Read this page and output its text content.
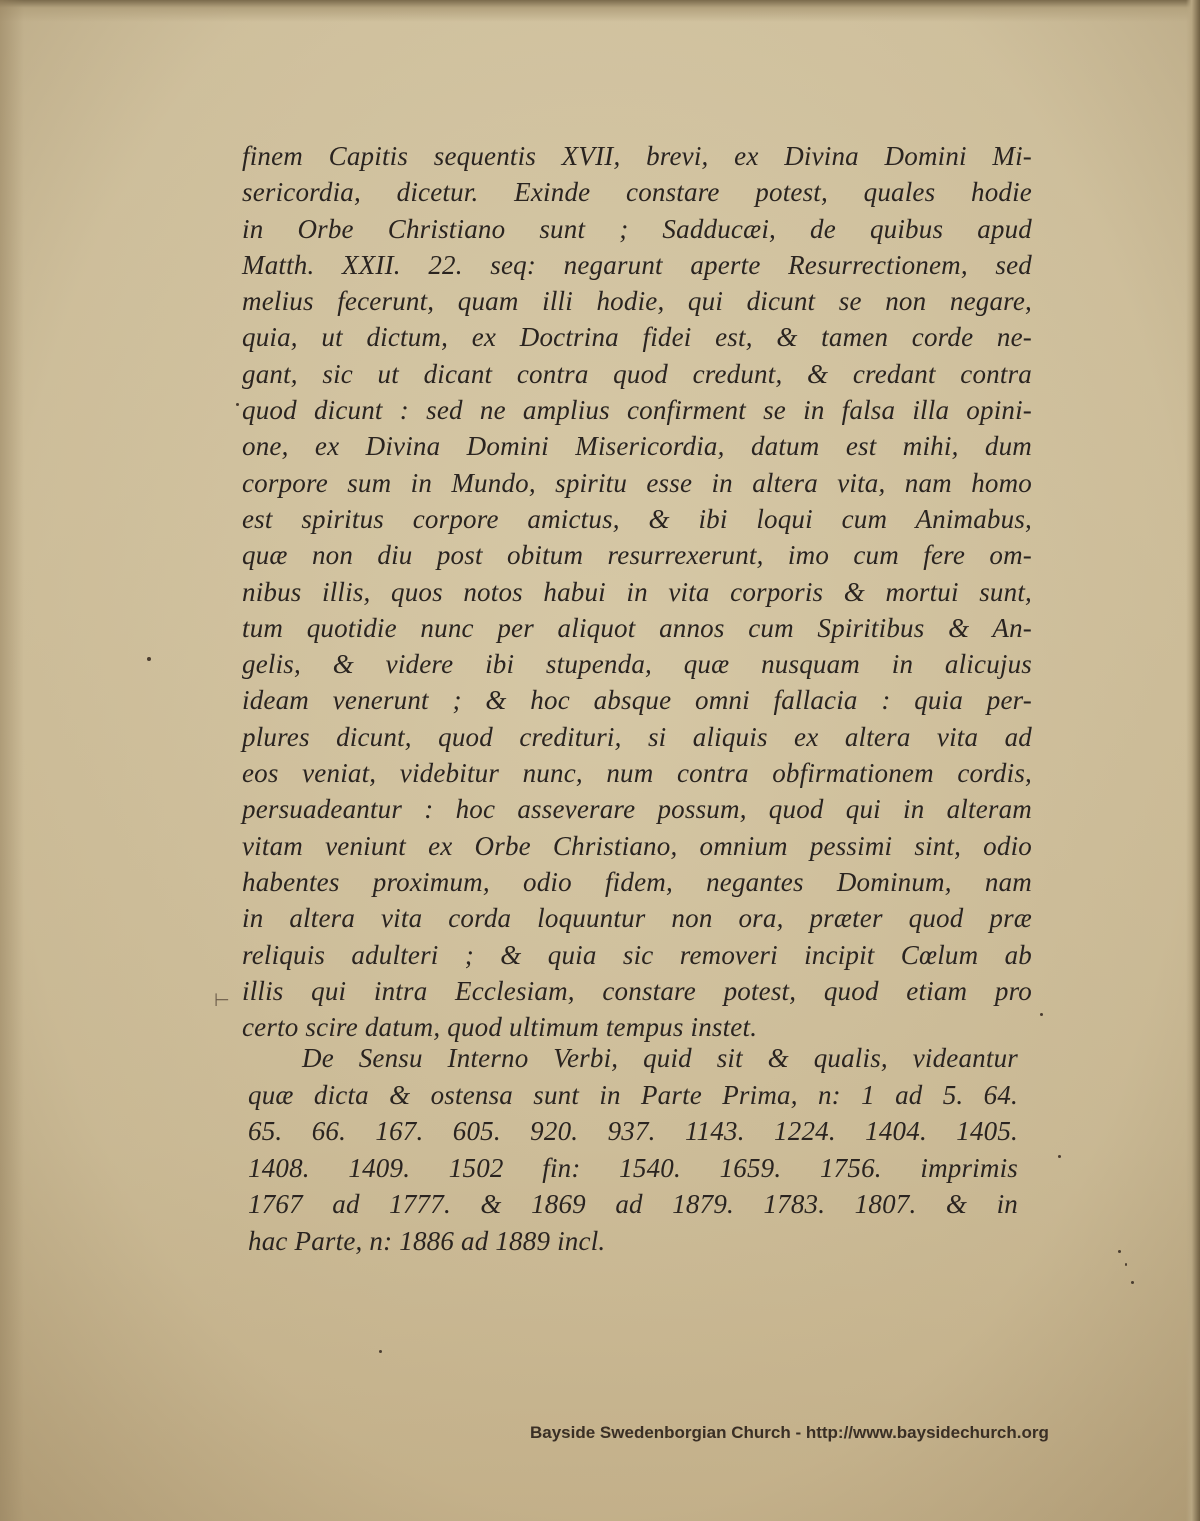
finem Capitis sequentis XVII, brevi, ex Divina Domini Mi-
sericordia, dicetur. Exinde constare potest, quales hodie
in Orbe Christiano sunt ; Sadducæi, de quibus apud
Matth. XXII. 22. seq: negarunt aperte Resurrectionem, sed
melius fecerunt, quam illi hodie, qui dicunt se non negare,
quia, ut dictum, ex Doctrina fidei est, & tamen corde ne-
gant, sic ut dicant contra quod credunt, & credant contra
quod dicunt : sed ne amplius confirment se in falsa illa opini-
one, ex Divina Domini Misericordia, datum est mihi, dum
corpore sum in Mundo, spiritu esse in altera vita, nam homo
est spiritus corpore amictus, & ibi loqui cum Animabus,
quæ non diu post obitum resurrexerunt, imo cum fere om-
nibus illis, quos notos habui in vita corporis & mortui sunt,
tum quotidie nunc per aliquot annos cum Spiritibus & An-
gelis, & videre ibi stupenda, quæ nusquam in alicujus
ideam venerunt ; & hoc absque omni fallacia : quia per-
plures dicunt, quod credituri, si aliquis ex altera vita ad
eos veniat, videbitur nunc, num contra obfirmationem cordis,
persuadeantur : hoc asseverare possum, quod qui in alteram
vitam veniunt ex Orbe Christiano, omnium pessimi sint, odio
habentes proximum, odio fidem, negantes Dominum, nam
in altera vita corda loquuntur non ora, præter quod præ
reliquis adulteri ; & quia sic removeri incipit Cœlum ab
illis qui intra Ecclesiam, constare potest, quod etiam pro
certo scire datum, quod ultimum tempus instet.
De Sensu Interno Verbi, quid sit & qualis, videantur
quæ dicta & ostensa sunt in Parte Prima, n: 1 ad 5. 64.
65. 66. 167. 605. 920. 937. 1143. 1224. 1404. 1405.
1408. 1409. 1502 fin: 1540. 1659. 1756. imprimis
1767 ad 1777. & 1869 ad 1879. 1783. 1807. & in
hac Parte, n: 1886 ad 1889 incl.
⊢
Bayside Swedenborgian Church - http://www.baysidechurch.org
